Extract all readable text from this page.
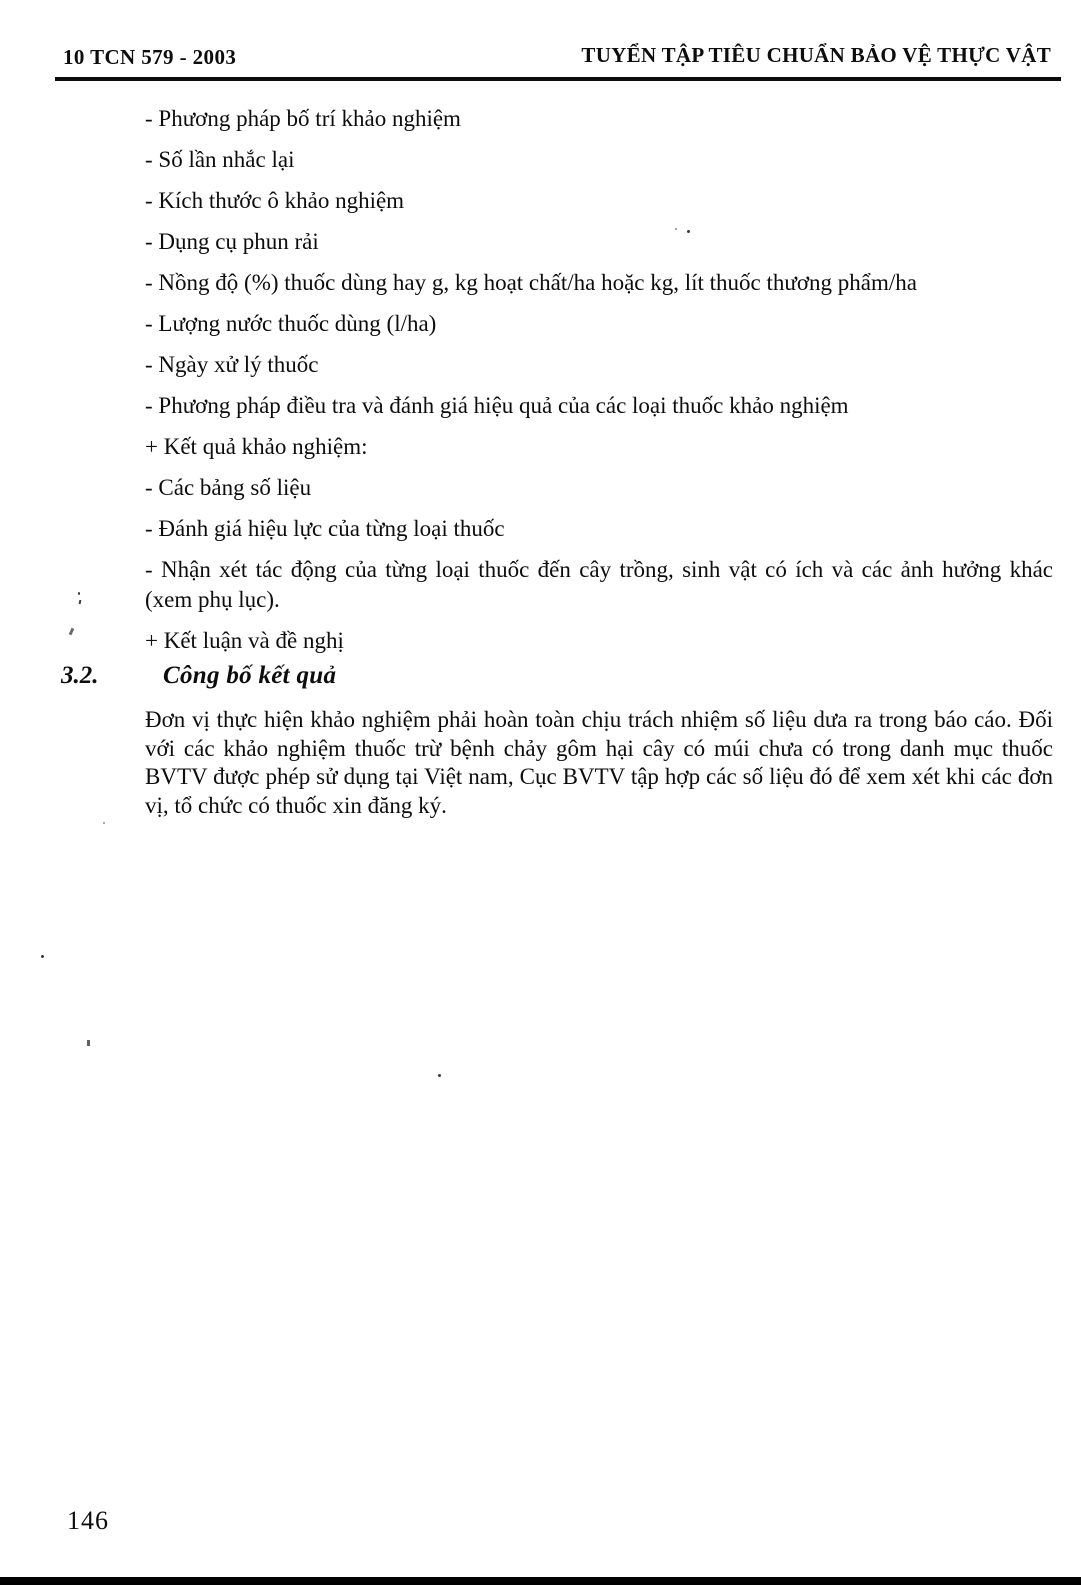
10 TCN 579 - 2003	TUYỂN TẬP TIÊU CHUẨN BẢO VỆ THỰC VẬT
- Phương pháp bố trí khảo nghiệm
- Số lần nhắc lại
- Kích thước ô khảo nghiệm
- Dụng cụ phun rải
- Nồng độ (%) thuốc dùng hay g, kg hoạt chất/ha hoặc kg, lít thuốc thương phẩm/ha
- Lượng nước thuốc dùng (l/ha)
- Ngày xử lý thuốc
- Phương pháp điều tra và đánh giá hiệu quả của các loại thuốc khảo nghiệm
+ Kết quả khảo nghiệm:
- Các bảng số liệu
- Đánh giá hiệu lực của từng loại thuốc
- Nhận xét tác động của từng loại thuốc đến cây trồng, sinh vật có ích và các ảnh hưởng khác (xem phụ lục).
+ Kết luận và đề nghị
3.2.	Công bố kết quả
Đơn vị thực hiện khảo nghiệm phải hoàn toàn chịu trách nhiệm số liệu dưa ra trong báo cáo. Đối với các khảo nghiệm thuốc trừ bệnh chảy gôm hại cây có múi chưa có trong danh mục thuốc BVTV được phép sử dụng tại Việt nam, Cục BVTV tập hợp các số liệu đó để xem xét khi các đơn vị, tổ chức có thuốc xin đăng ký.
146
